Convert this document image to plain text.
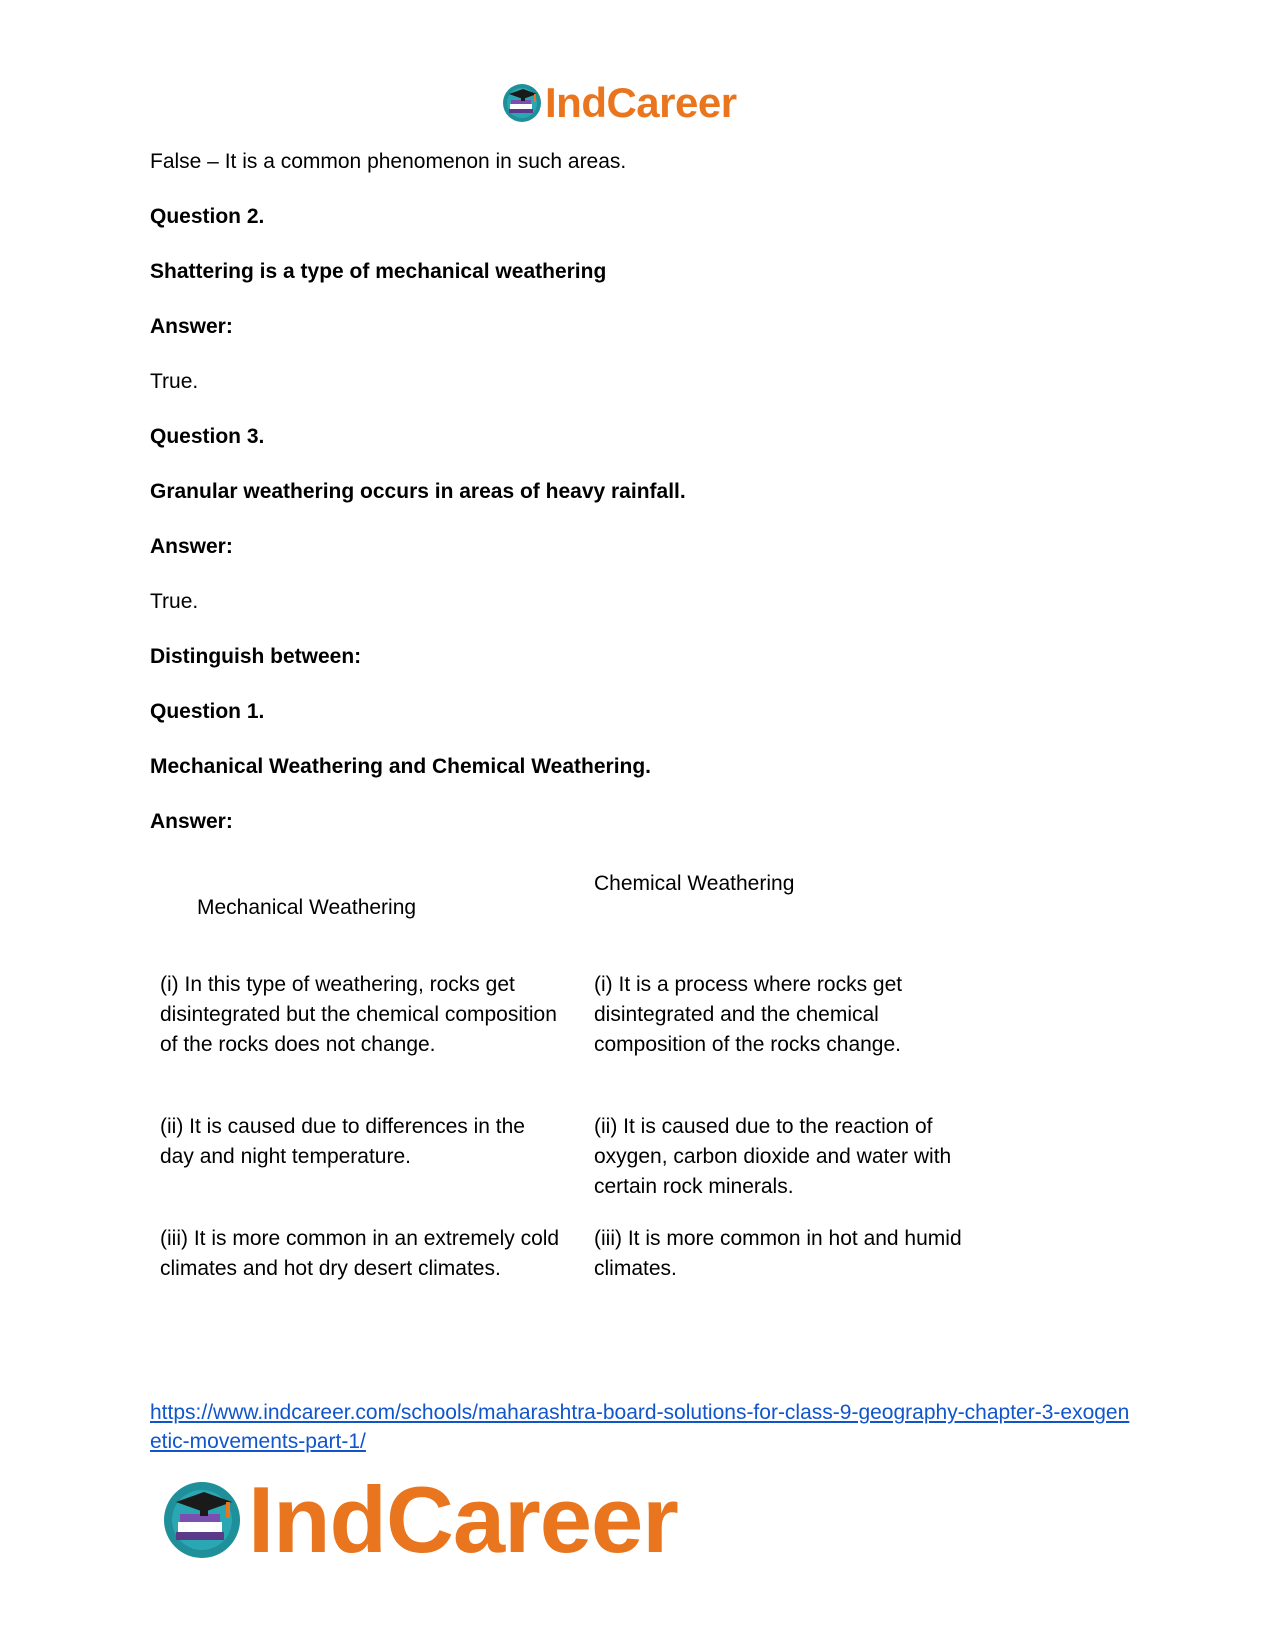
IndCareer

False – It is a common phenomenon in such areas.

Question 2.

Shattering is a type of mechanical weathering

Answer:

True.

Question 3.

Granular weathering occurs in areas of heavy rainfall.

Answer:

True.

Distinguish between:

Question 1.

Mechanical Weathering and Chemical Weathering.

Answer:

Mechanical Weathering
Chemical Weathering
(i) In this type of weathering, rocks get disintegrated but the chemical composition of the rocks does not change.
(i) It is a process where rocks get disintegrated and the chemical composition of the rocks change.
(ii) It is caused due to differences in the day and night temperature.
(ii) It is caused due to the reaction of oxygen, carbon dioxide and water with certain rock minerals.
(iii) It is more common in an extremely cold climates and hot dry desert climates.
(iii) It is more common in hot and humid climates.
https://www.indcareer.com/schools/maharashtra-board-solutions-for-class-9-geography-chapter-3-exogenetic-movements-part-1/
IndCareer
